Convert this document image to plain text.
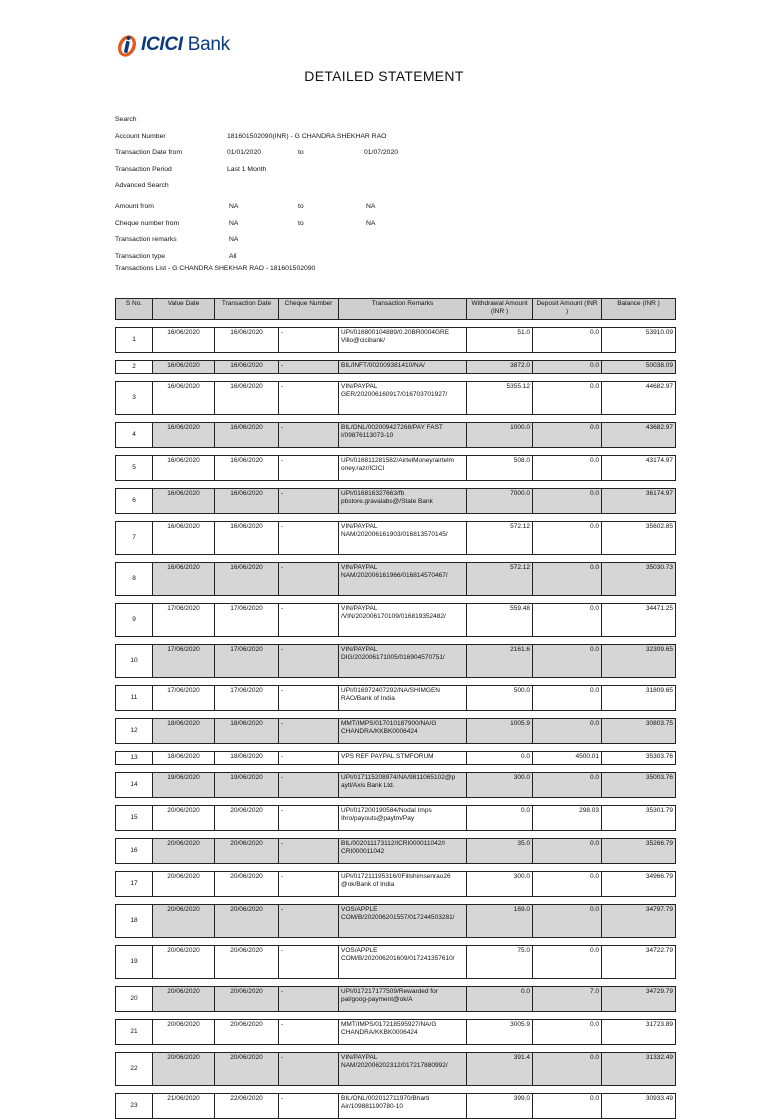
ICICI Bank
DETAILED STATEMENT
Search
Account Number	181601502090(INR) - G CHANDRA SHEKHAR RAO
Transaction Date from	01/01/2020	to	01/07/2020
Transaction Period	Last 1 Month
Advanced Search
Amount from	NA	to	NA
Cheque number from	NA	to	NA
Transaction remarks	NA
Transaction type	All
Transactions List - G CHANDRA SHEKHAR RAO - 181601502090
S No.	Value Date	Transaction Date	Cheque Number	Transaction Remarks	Withdrawal Amount (INR )	Deposit Amount (INR )	Balance (INR )

1	16/06/2020	16/06/2020	-	UPI/016800104889/0.20BR0004GRE Villo@cicibank/	51.0	0.0	53910.09

2	16/06/2020	16/06/2020	-	BIL/INFT/002009381410/NA/	3872.0	0.0	50038.09

3	16/06/2020	16/06/2020	-	VIN/PAYPAL GER/202006160917/016703701927/	5355.12	0.0	44682.97

4	16/06/2020	16/06/2020	-	BIL/ONL/002009427268/PAY FAST I/09876113073-10	1000.0	0.0	43682.97

5	16/06/2020	16/06/2020	-	UPI/016811281582/AirtelMoney/airtelm oney.razr/ICICI	508.0	0.0	43174.97

6	16/06/2020	16/06/2020	-	UPI/016816327663/fb pbstore.gravalabs@/State Bank	7000.0	0.0	36174.97

7	16/06/2020	16/06/2020	-	VIN/PAYPAL NAM/202006161903/016813570145/	572.12	0.0	35602.85

8	16/06/2020	16/06/2020	-	VIN/PAYPAL NAM/202006161966/016814570467/	572.12	0.0	35030.73

9	17/06/2020	17/06/2020	-	VIN/PAYPAL /VIN/202006170109/016819352482/	559.48	0.0	34471.25

10	17/06/2020	17/06/2020	-	VIN/PAYPAL DIG/202006171005/016904570751/	2161.6	0.0	32309.65

11	17/06/2020	17/06/2020	-	UPI/016972407292/NA/SHIMGEN RAO/Bank of India	500.0	0.0	31809.65

12	18/06/2020	18/06/2020	-	MMT/IMPS/017010187900/NA/G CHANDRA/KKBK0006424	1005.9	0.0	30803.75

13	18/06/2020	18/06/2020	-	VPS REF PAYPAL STMFORUM	0.0	4500.01	35303.76

14	19/06/2020	19/06/2020	-	UPI/017115208974/NA/9811065102@p aytl/Axis Bank Ltd.	300.0	0.0	35003.76

15	20/06/2020	20/06/2020	-	UPI/017200190584/Nodal Imps Ihro/payouts@paytm/Pay	0.0	298.03	35301.79

16	20/06/2020	20/06/2020	-	BIL/002011173112/ICRI000011042/I CRI000011042	35.0	0.0	35266.79

17	20/06/2020	20/06/2020	-	UPI/017211195316/0Fillshimsenrao26 @ok/Bank of India	300.0	0.0	34966.79

18	20/06/2020	20/06/2020	-	VOS/APPLE COM/B/202006201557/017244503281/	169.0	0.0	34797.79

19	20/06/2020	20/06/2020	-	VOS/APPLE COM/B/202006201609/017241357610/	75.0	0.0	34722.79

20	20/06/2020	20/06/2020	-	UPI/017217177509/Rewarded for pal/goog-payment@ok/A	0.0	7.0	34729.79

21	20/06/2020	20/06/2020	-	MMT/IMPS/017218595927/NA/G CHANDRA/KKBK0006424	3005.9	0.0	31723.89

22	20/06/2020	20/06/2020	-	VIN/PAYPAL NAM/202006202312/017217880992/	391.4	0.0	31332.49

23	21/06/2020	22/06/2020	-	BIL/ONL/002012711970/Bharti Air/109881190780-10	399.0	0.0	30933.49
